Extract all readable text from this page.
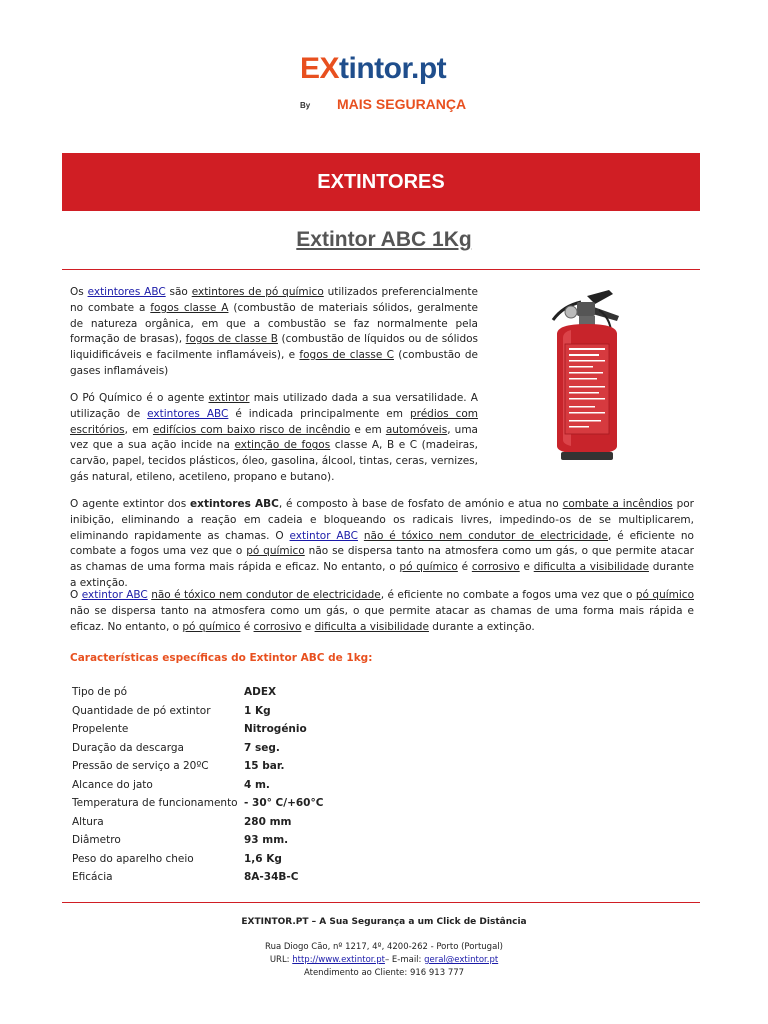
EXtintor.pt
By MAIS SEGURANÇA
EXTINTORES
Extintor ABC 1Kg

Os extintores ABC são extintores de pó químico utilizados preferencialmente no combate a fogos classe A (combustão de materiais sólidos, geralmente de natureza orgânica, em que a combustão se faz normalmente pela formação de brasas), fogos de classe B (combustão de líquidos ou de sólidos liquidificáveis e facilmente inflamáveis), e fogos de classe C (combustão de gases inflamáveis)

O Pó Químico é o agente extintor mais utilizado dada a sua versatilidade. A utilização de extintores ABC é indicada principalmente em prédios com escritórios, em edifícios com baixo risco de incêndio e em automóveis, uma vez que a sua ação incide na extinção de fogos classe A, B e C (madeiras, carvão, papel, tecidos plásticos, óleo, gasolina, álcool, tintas, ceras, vernizes, gás natural, etileno, acetileno, propano e butano).

O agente extintor dos extintores ABC, é composto à base de fosfato de amónio e atua no combate a incêndios por inibição, eliminando a reação em cadeia e bloqueando os radicais livres, impedindo-os de se multiplicarem, eliminando rapidamente as chamas. O extintor ABC não é tóxico nem condutor de electricidade, é eficiente no combate a fogos uma vez que o pó químico não se dispersa tanto na atmosfera como um gás, o que permite atacar as chamas de uma forma mais rápida e eficaz. No entanto, o pó químico é corrosivo e dificulta a visibilidade durante a extinção.

O extintor ABC não é tóxico nem condutor de electricidade, é eficiente no combate a fogos uma vez que o pó químico não se dispersa tanto na atmosfera como um gás, o que permite atacar as chamas de uma forma mais rápida e eficaz. No entanto, o pó químico é corrosivo e dificulta a visibilidade durante a extinção.

Características específicas do Extintor ABC de 1kg:
Tipo de pó	ADEX
Quantidade de pó extintor	1 Kg
Propelente	Nitrogénio
Duração da descarga	7 seg.
Pressão de serviço a 20ºC	15 bar.
Alcance do jato	4 m.
Temperatura de funcionamento - 30° C/+60°C
Altura	280 mm
Diâmetro	93 mm.
Peso do aparelho cheio	1,6 Kg
Eficácia	8A-34B-C
EXTINTOR.PT – A Sua Segurança a um Click de Distância
Rua Diogo Cão, nº 1217, 4º, 4200-262 - Porto (Portugal)
URL: http://www.extintor.pt– E-mail: geral@extintor.pt
Atendimento ao Cliente: 916 913 777
